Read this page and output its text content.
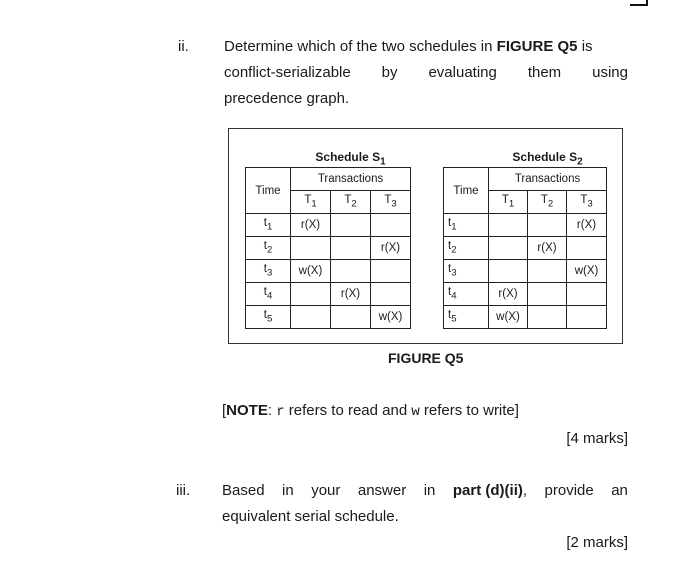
ii. Determine which of the two schedules in FIGURE Q5 is
conflict-serializable by evaluating them using
precedence graph.
	Schedule $S_1$
Time	Transactions		
	$T_1$	$T_2$	$T_3$
$t_1$	r(X)		
$t_2$			r(X)
$t_3$	w(X)		
$t_4$		r(X)	
$t_5$			w(X)
	Schedule $S_2$
Time	Transactions		
	$T_1$	$T_2$	$T_3$
$t_1$			r(X)
$t_2$		r(X)	
$t_3$			w(X)
$t_4$	r(X)		
$t_5$	w(X)		
FIGURE Q5
[NOTE: r refers to read and w refers to write]
[4 marks]
iii. Based in your answer in part (d)(ii), provide an
equivalent serial schedule.
[2 marks]
